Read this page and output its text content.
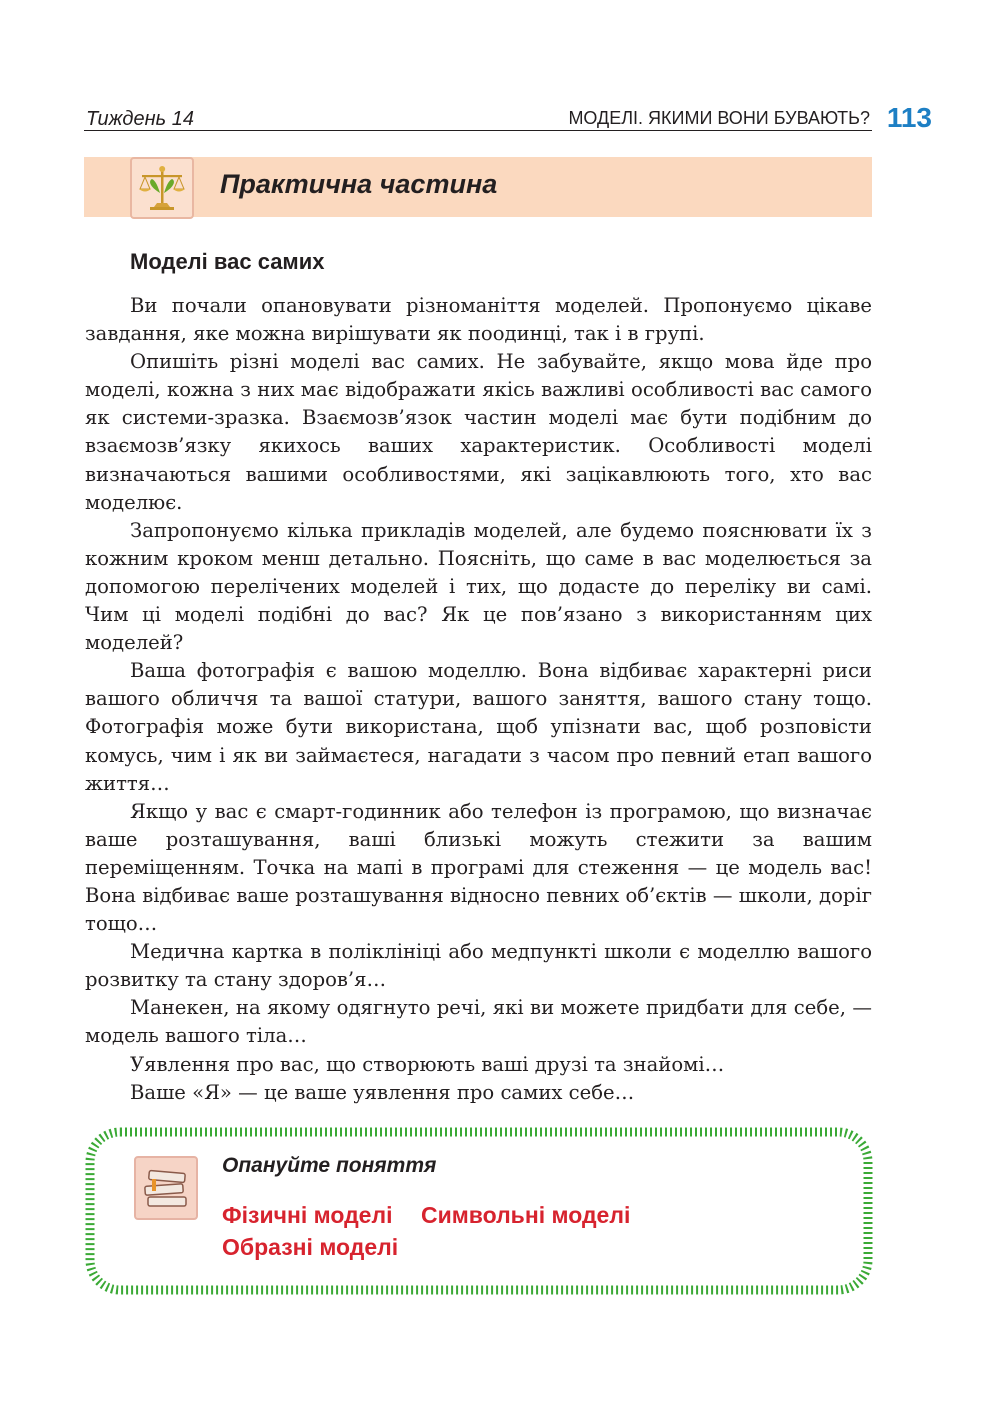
Тиждень 14	МОДЕЛІ. ЯКИМИ ВОНИ БУВАЮТЬ? 113
Практична частина
Моделі вас самих

Ви почали опановувати різноманіття моделей. Пропонуємо цікаве завдання, яке можна вирішувати як поодинці, так і в групі.

Опишіть різні моделі вас самих. Не забувайте, якщо мова йде про моделі, кожна з них має відображати якісь важливі особливості вас самого як системи-зразка. Взаємозв’язок частин моделі має бути подібним до взаємозв’язку якихось ваших характеристик. Особливості моделі визначаються вашими особливостями, які зацікавлюють того, хто вас моделює.

Запропонуємо кілька прикладів моделей, але будемо пояснювати їх з кожним кроком менш детально. Поясніть, що саме в вас моделюється за допомогою перелічених моделей і тих, що додасте до переліку ви самі. Чим ці моделі подібні до вас? Як це пов’язано з використанням цих моделей?

Ваша фотографія є вашою моделлю. Вона відбиває характерні риси вашого обличчя та вашої статури, вашого заняття, вашого стану тощо. Фотографія може бути використана, щоб упізнати вас, щоб розповісти комусь, чим і як ви займаєтеся, нагадати з часом про певний етап вашого життя…

Якщо у вас є смарт-годинник або телефон із програмою, що визначає ваше розташування, ваші близькі можуть стежити за вашим переміщенням. Точка на мапі в програмі для стеження — це модель вас! Вона відбиває ваше розташування відносно певних об’єктів — школи, доріг тощо…

Медична картка в поліклініці або медпункті школи є моделлю вашого розвитку та стану здоров’я…

Манекен, на якому одягнуто речі, які ви можете придбати для себе, — модель вашого тіла…

Уявлення про вас, що створюють ваші друзі та знайомі…

Ваше «Я» — це ваше уявлення про самих себе…

Опануйте поняття
Фізичні моделі Символьні моделі
Образні моделі
